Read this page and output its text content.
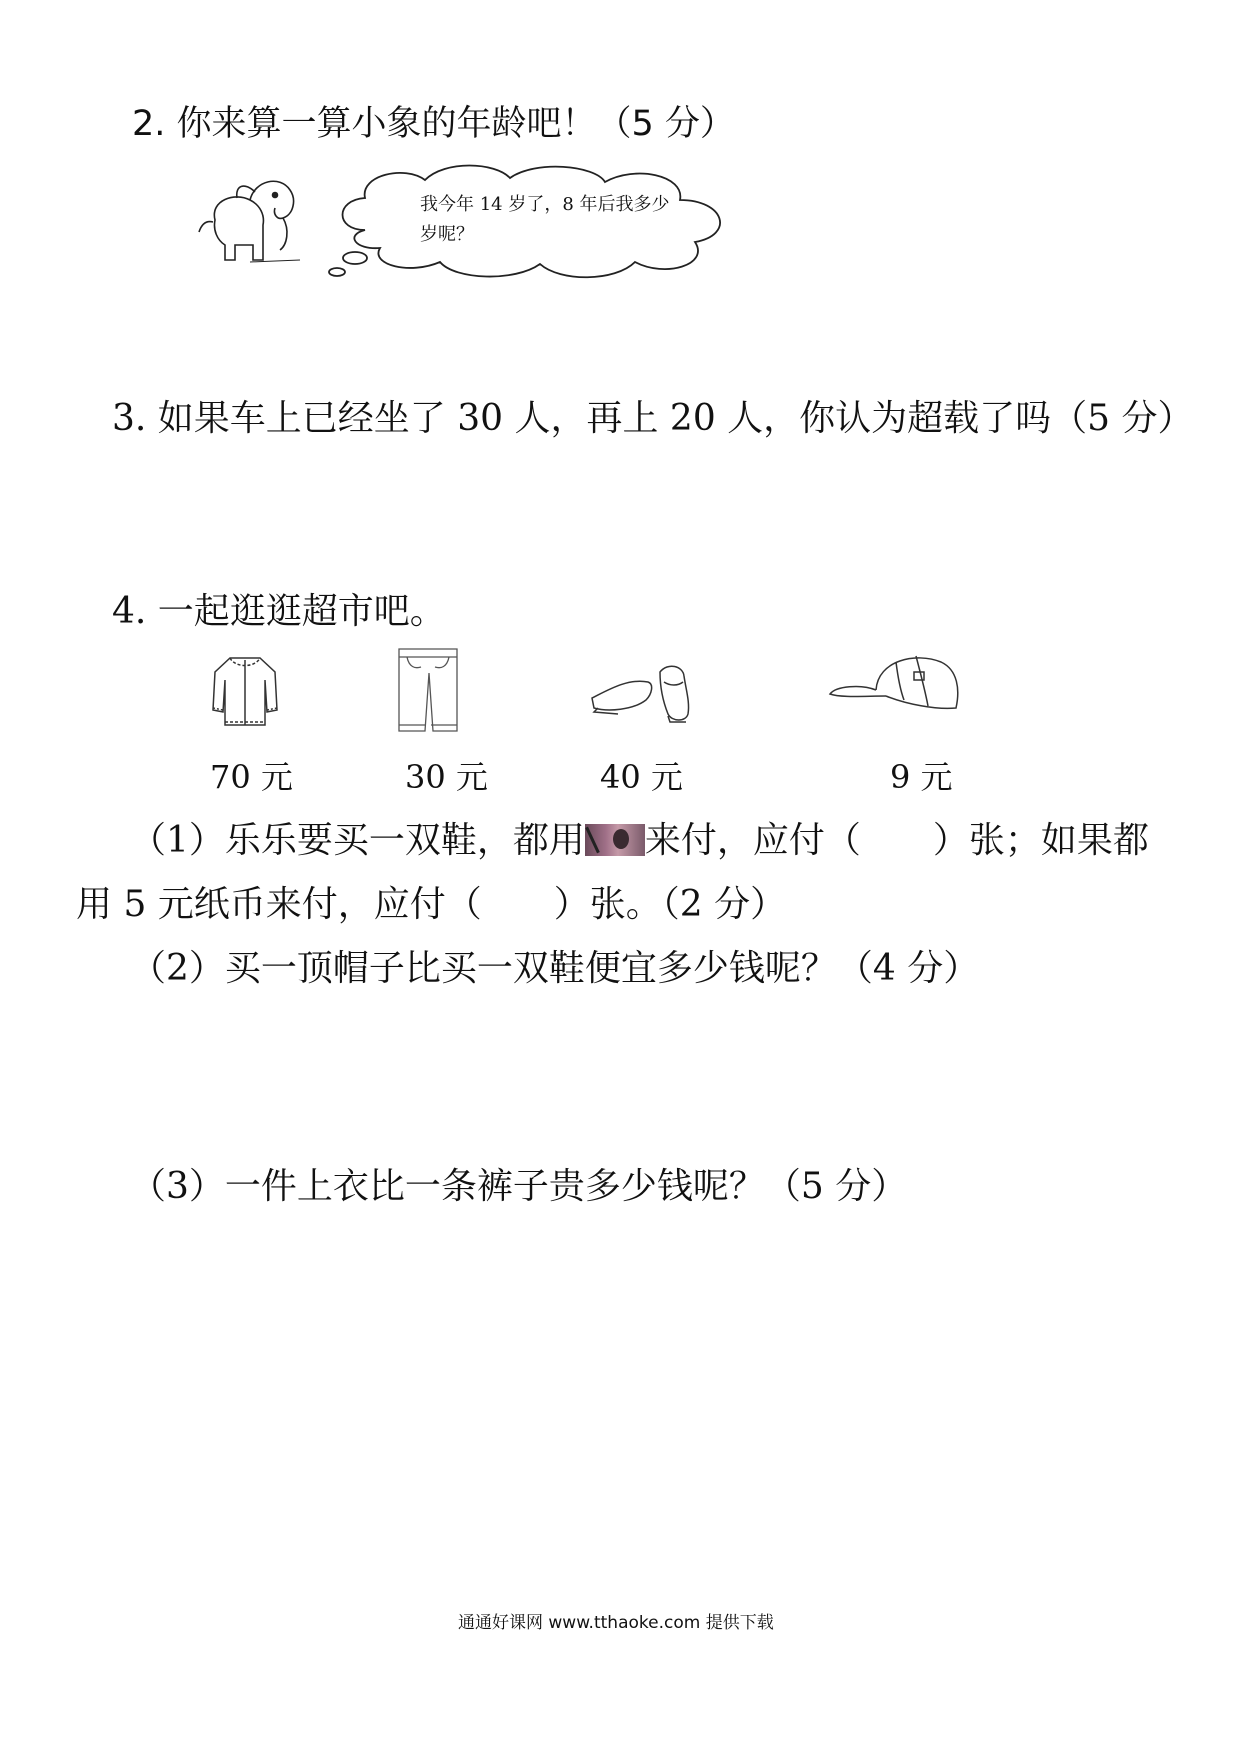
2. 你来算一算小象的年龄吧！（5 分）
我今年 14 岁了，8 年后我多少岁呢？
3. 如果车上已经坐了 30 人，再上 20 人，你认为超载了吗（5 分）
4. 一起逛逛超市吧。
70 元	30 元	40 元	9 元
（1）乐乐要买一双鞋，都用 来付，应付（　　）张；如果都
用 5 元纸币来付，应付（　　）张。（2 分）
（2）买一顶帽子比买一双鞋便宜多少钱呢？（4 分）
（3）一件上衣比一条裤子贵多少钱呢？（5 分）
通通好课网 www.tthaoke.com 提供下载
